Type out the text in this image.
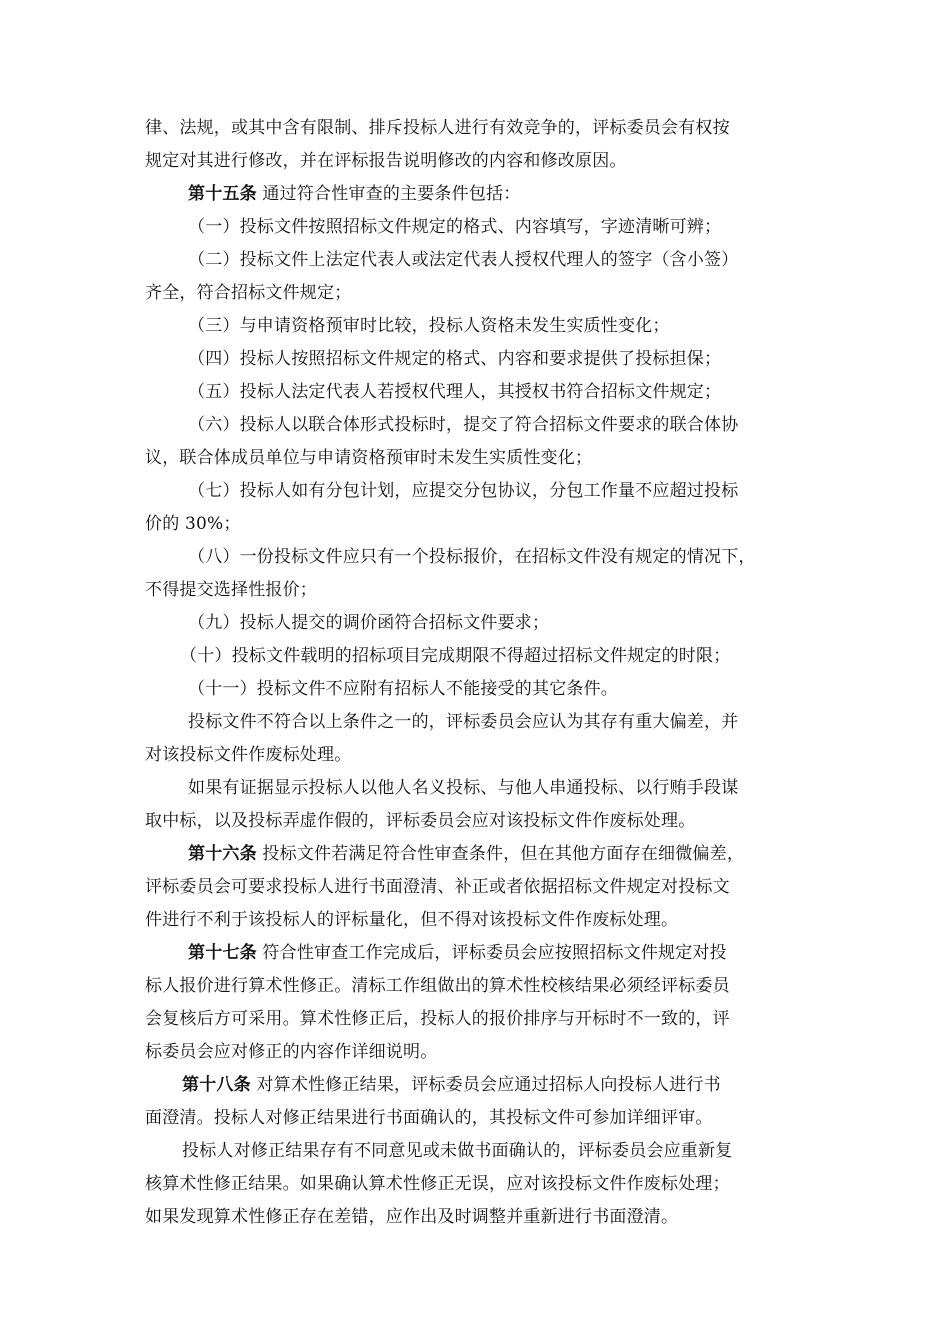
律、法规，或其中含有限制、排斥投标人进行有效竞争的，评标委员会有权按
规定对其进行修改，并在评标报告说明修改的内容和修改原因。
第十五条 通过符合性审查的主要条件包括：
（一）投标文件按照招标文件规定的格式、内容填写，字迹清晰可辨；
（二）投标文件上法定代表人或法定代表人授权代理人的签字（含小签）
齐全，符合招标文件规定；
（三）与申请资格预审时比较，投标人资格未发生实质性变化；
（四）投标人按照招标文件规定的格式、内容和要求提供了投标担保；
（五）投标人法定代表人若授权代理人，其授权书符合招标文件规定；
（六）投标人以联合体形式投标时，提交了符合招标文件要求的联合体协
议，联合体成员单位与申请资格预审时未发生实质性变化；
（七）投标人如有分包计划，应提交分包协议，分包工作量不应超过投标
价的 30%；
（八）一份投标文件应只有一个投标报价，在招标文件没有规定的情况下，
不得提交选择性报价；
（九）投标人提交的调价函符合招标文件要求；
（十）投标文件载明的招标项目完成期限不得超过招标文件规定的时限；
（十一）投标文件不应附有招标人不能接受的其它条件。
投标文件不符合以上条件之一的，评标委员会应认为其存有重大偏差，并
对该投标文件作废标处理。
如果有证据显示投标人以他人名义投标、与他人串通投标、以行贿手段谋
取中标，以及投标弄虚作假的，评标委员会应对该投标文件作废标处理。
第十六条 投标文件若满足符合性审查条件，但在其他方面存在细微偏差，
评标委员会可要求投标人进行书面澄清、补正或者依据招标文件规定对投标文
件进行不利于该投标人的评标量化，但不得对该投标文件作废标处理。
第十七条 符合性审查工作完成后，评标委员会应按照招标文件规定对投
标人报价进行算术性修正。清标工作组做出的算术性校核结果必须经评标委员
会复核后方可采用。算术性修正后，投标人的报价排序与开标时不一致的，评
标委员会应对修正的内容作详细说明。
第十八条 对算术性修正结果，评标委员会应通过招标人向投标人进行书
面澄清。投标人对修正结果进行书面确认的，其投标文件可参加详细评审。
投标人对修正结果存有不同意见或未做书面确认的，评标委员会应重新复
核算术性修正结果。如果确认算术性修正无误，应对该投标文件作废标处理；
如果发现算术性修正存在差错，应作出及时调整并重新进行书面澄清。
